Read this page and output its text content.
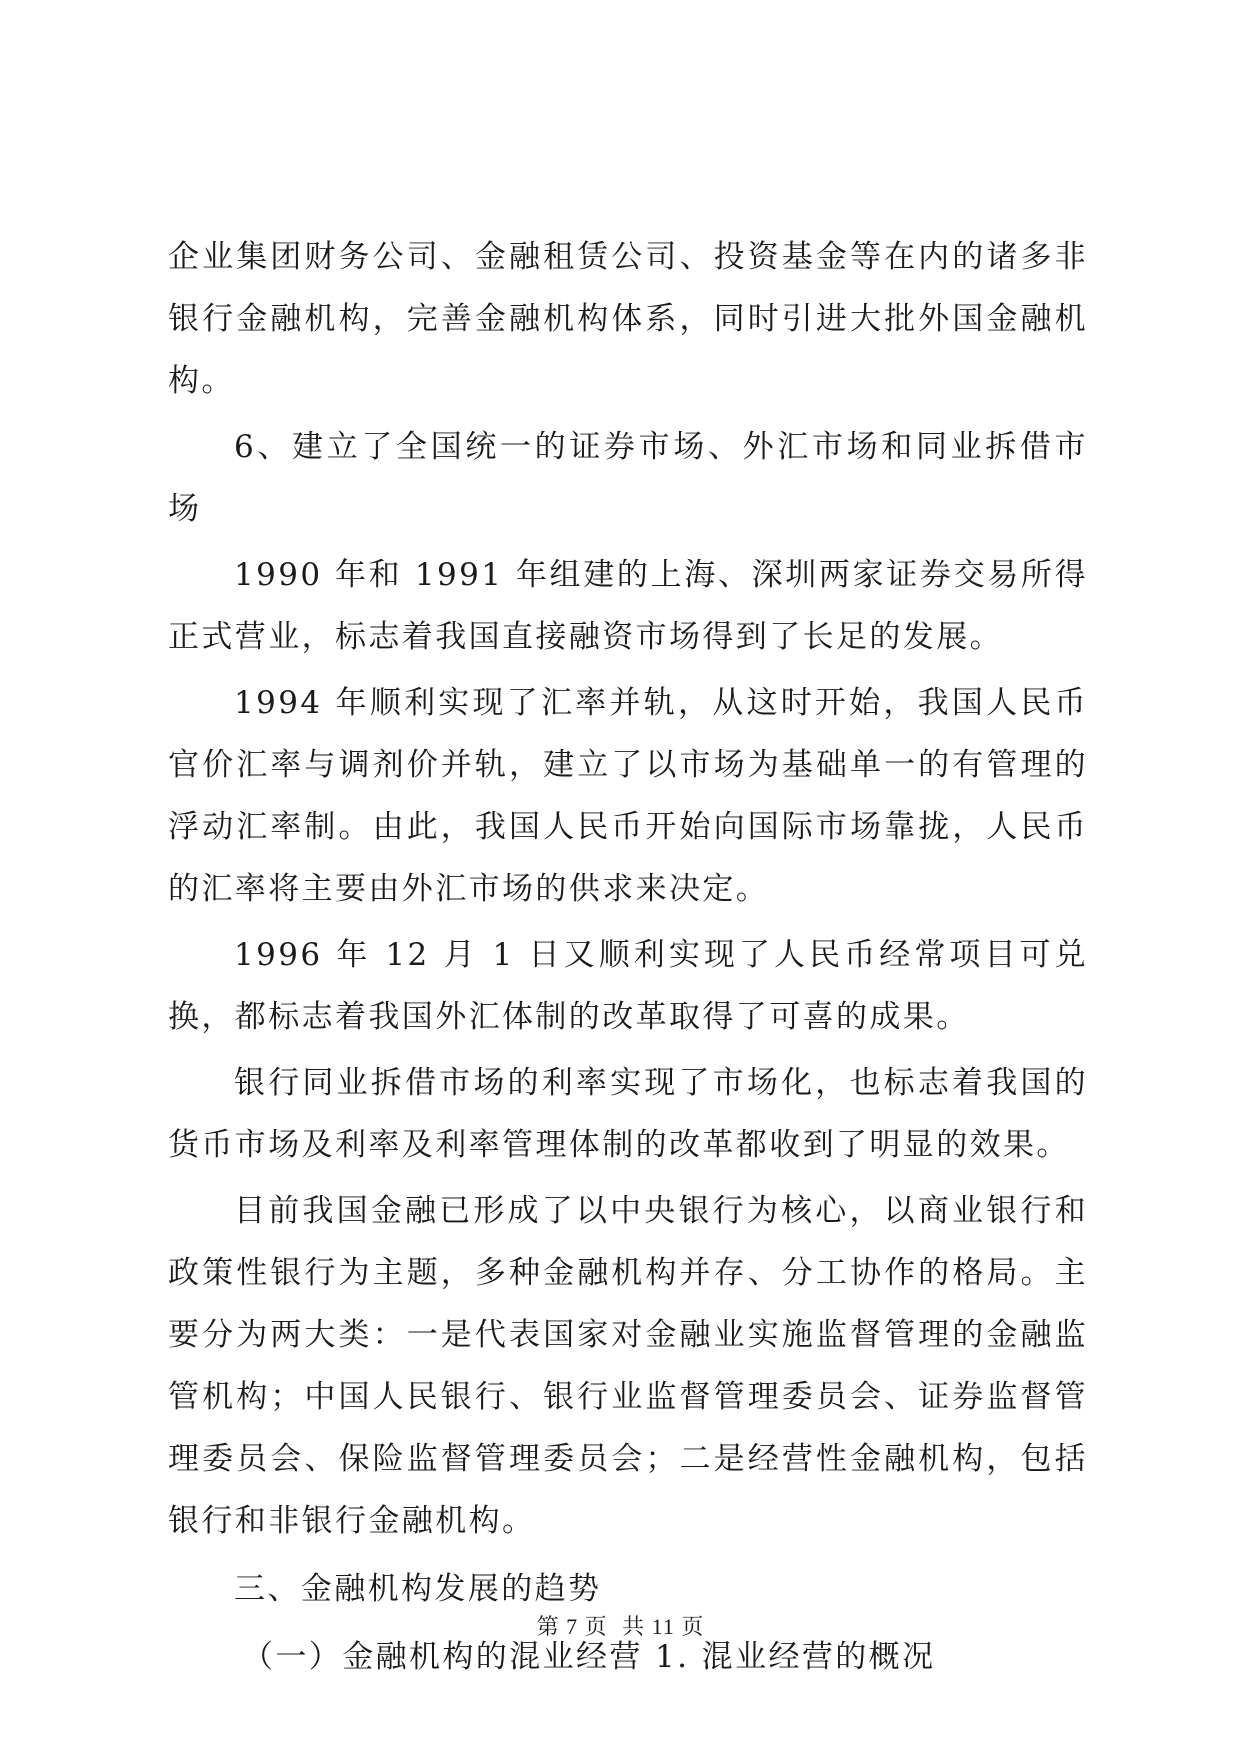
企业集团财务公司、金融租赁公司、投资基金等在内的诸多非银行金融机构，完善金融机构体系，同时引进大批外国金融机构。

6、建立了全国统一的证券市场、外汇市场和同业拆借市场

1990 年和 1991 年组建的上海、深圳两家证券交易所得正式营业，标志着我国直接融资市场得到了长足的发展。

1994 年顺利实现了汇率并轨，从这时开始，我国人民币官价汇率与调剂价并轨，建立了以市场为基础单一的有管理的浮动汇率制。由此，我国人民币开始向国际市场靠拢，人民币的汇率将主要由外汇市场的供求来决定。

1996 年 12 月 1 日又顺利实现了人民币经常项目可兑换，都标志着我国外汇体制的改革取得了可喜的成果。

银行同业拆借市场的利率实现了市场化，也标志着我国的货币市场及利率及利率管理体制的改革都收到了明显的效果。

目前我国金融已形成了以中央银行为核心，以商业银行和政策性银行为主题，多种金融机构并存、分工协作的格局。主要分为两大类：一是代表国家对金融业实施监督管理的金融监管机构；中国人民银行、银行业监督管理委员会、证券监督管理委员会、保险监督管理委员会；二是经营性金融机构，包括银行和非银行金融机构。

三、金融机构发展的趋势

（一）金融机构的混业经营 1. 混业经营的概况

第 7 页 共 11 页
